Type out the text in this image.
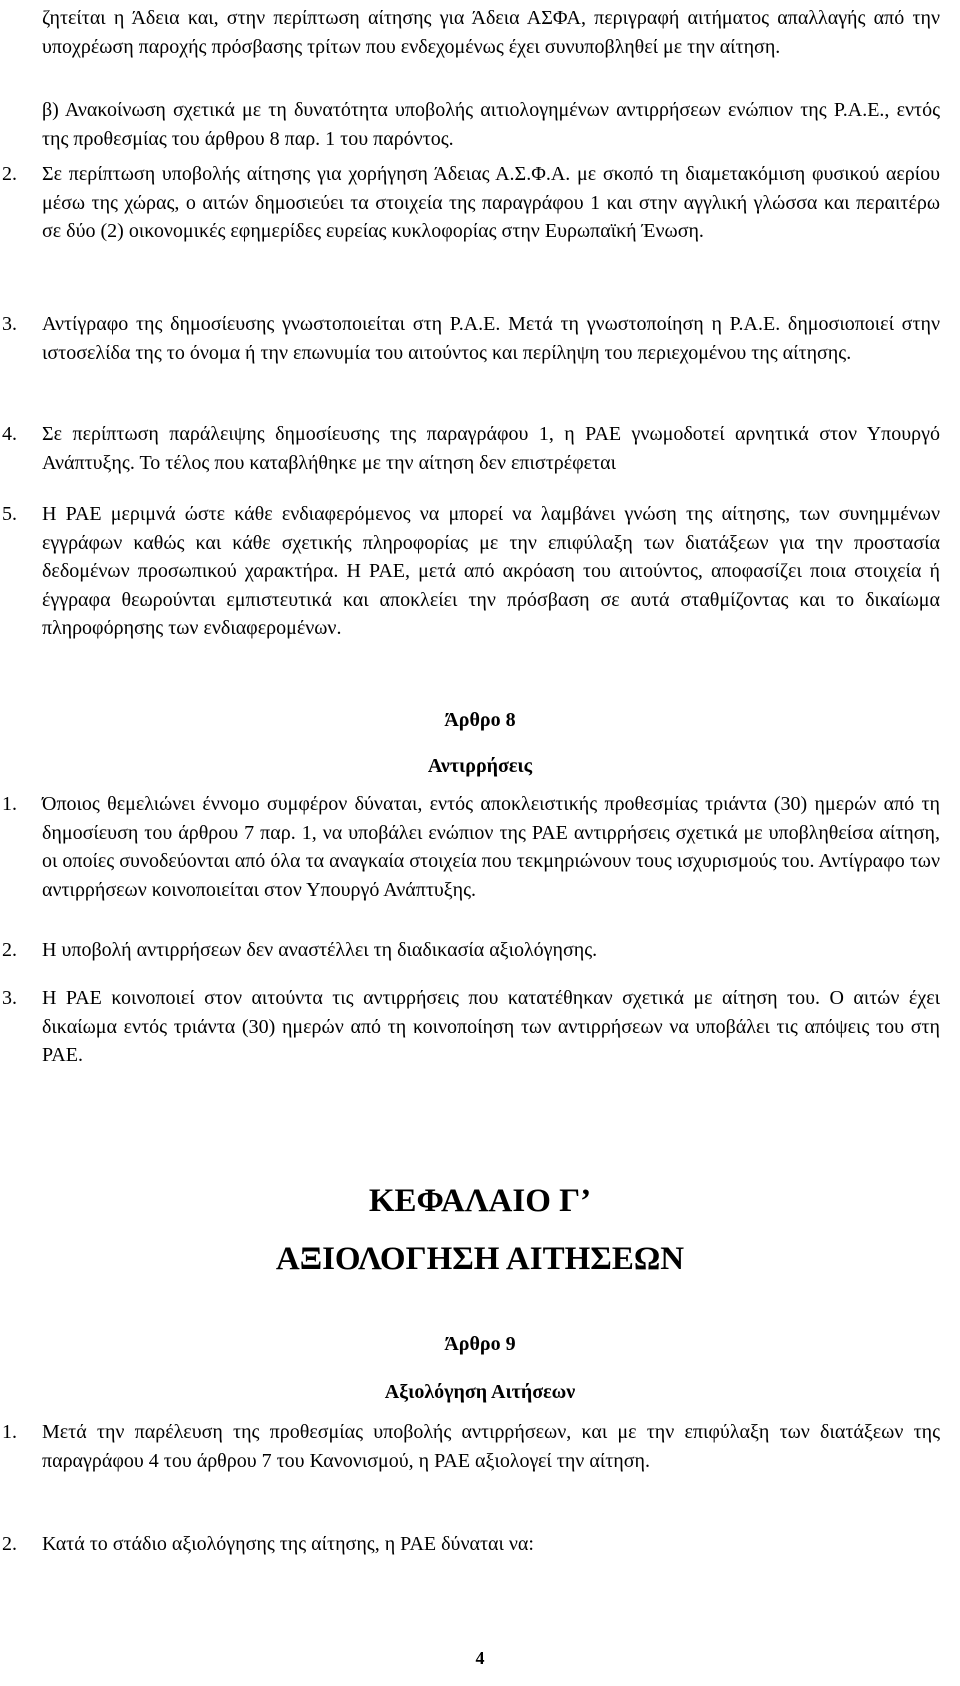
ζητείται η Άδεια και, στην περίπτωση αίτησης για Άδεια ΑΣΦΑ, περιγραφή αιτήματος απαλλαγής από την υποχρέωση παροχής πρόσβασης τρίτων που ενδεχομένως έχει συνυποβληθεί με την αίτηση.

β) Ανακοίνωση σχετικά με τη δυνατότητα υποβολής αιτιολογημένων αντιρρήσεων ενώπιον της Ρ.Α.Ε., εντός της προθεσμίας του άρθρου 8 παρ. 1 του παρόντος.

2. Σε περίπτωση υποβολής αίτησης για χορήγηση Άδειας Α.Σ.Φ.Α. με σκοπό τη διαμετακόμιση φυσικού αερίου μέσω της χώρας, ο αιτών δημοσιεύει τα στοιχεία της παραγράφου 1 και στην αγγλική γλώσσα και περαιτέρω σε δύο (2) οικονομικές εφημερίδες ευρείας κυκλοφορίας στην Ευρωπαϊκή Ένωση.

3. Αντίγραφο της δημοσίευσης γνωστοποιείται στη Ρ.Α.Ε. Μετά τη γνωστοποίηση η Ρ.Α.Ε. δημοσιοποιεί στην ιστοσελίδα της το όνομα ή την επωνυμία του αιτούντος και περίληψη του περιεχομένου της αίτησης.

4. Σε περίπτωση παράλειψης δημοσίευσης της παραγράφου 1, η ΡΑΕ γνωμοδοτεί αρνητικά στον Υπουργό Ανάπτυξης. Το τέλος που καταβλήθηκε με την αίτηση δεν επιστρέφεται

5. Η ΡΑΕ μεριμνά ώστε κάθε ενδιαφερόμενος να μπορεί να λαμβάνει γνώση της αίτησης, των συνημμένων εγγράφων καθώς και κάθε σχετικής πληροφορίας με την επιφύλαξη των διατάξεων για την προστασία δεδομένων προσωπικού χαρακτήρα. Η ΡΑΕ, μετά από ακρόαση του αιτούντος, αποφασίζει ποια στοιχεία ή έγγραφα θεωρούνται εμπιστευτικά και αποκλείει την πρόσβαση σε αυτά σταθμίζοντας και το δικαίωμα πληροφόρησης των ενδιαφερομένων.

Άρθρο 8
Αντιρρήσεις
1. Όποιος θεμελιώνει έννομο συμφέρον δύναται, εντός αποκλειστικής προθεσμίας τριάντα (30) ημερών από τη δημοσίευση του άρθρου 7 παρ. 1, να υποβάλει ενώπιον της ΡΑΕ αντιρρήσεις σχετικά με υποβληθείσα αίτηση, οι οποίες συνοδεύονται από όλα τα αναγκαία στοιχεία που τεκμηριώνουν τους ισχυρισμούς του. Αντίγραφο των αντιρρήσεων κοινοποιείται στον Υπουργό Ανάπτυξης.

2. Η υποβολή αντιρρήσεων δεν αναστέλλει τη διαδικασία αξιολόγησης.

3. Η ΡΑΕ κοινοποιεί στον αιτούντα τις αντιρρήσεις που κατατέθηκαν σχετικά με αίτηση του. Ο αιτών έχει δικαίωμα εντός τριάντα (30) ημερών από τη κοινοποίηση των αντιρρήσεων να υποβάλει τις απόψεις του στη ΡΑΕ.

ΚΕΦΑΛΑΙΟ Γ’
ΑΞΙΟΛΟΓΗΣΗ ΑΙΤΗΣΕΩΝ
Άρθρο 9
Αξιολόγηση Αιτήσεων
1. Μετά την παρέλευση της προθεσμίας υποβολής αντιρρήσεων, και με την επιφύλαξη των διατάξεων της παραγράφου 4 του άρθρου 7 του Κανονισμού, η ΡΑΕ αξιολογεί την αίτηση.

2. Κατά το στάδιο αξιολόγησης της αίτησης, η ΡΑΕ δύναται να:

4
